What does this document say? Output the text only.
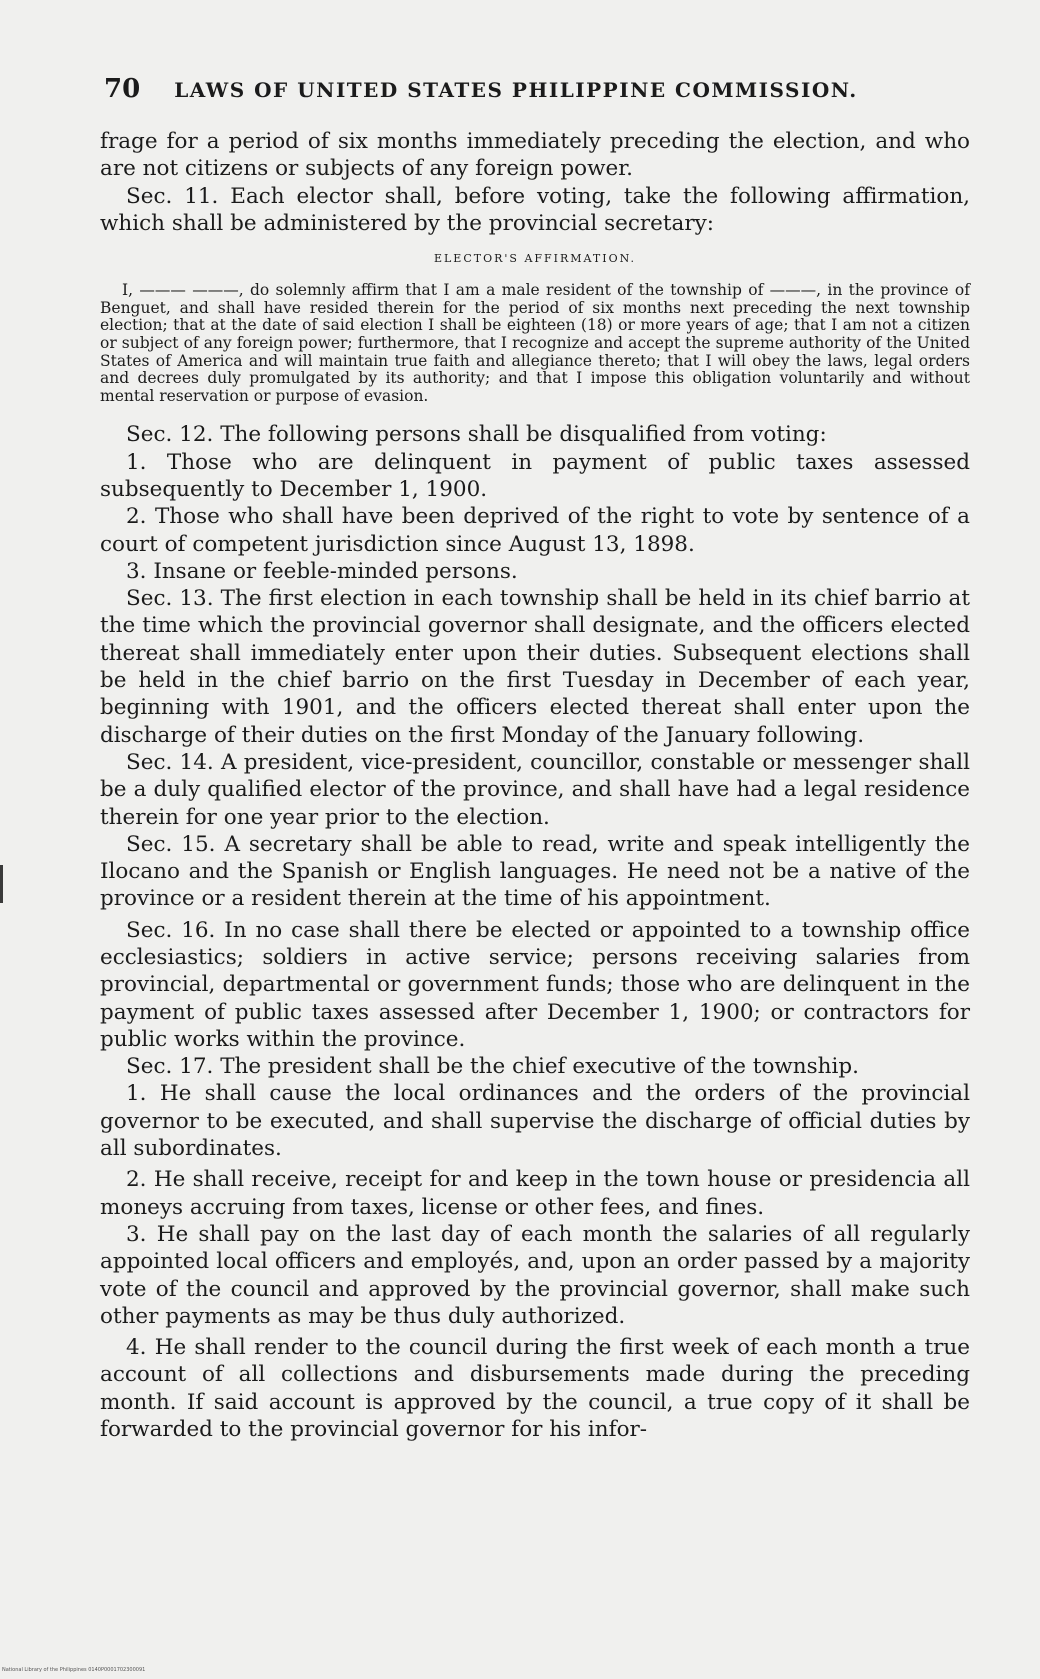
70 LAWS OF UNITED STATES PHILIPPINE COMMISSION.

frage for a period of six months immediately preceding the election, and who are not citizens or subjects of any foreign power.

Sec. 11. Each elector shall, before voting, take the following affirmation, which shall be administered by the provincial secretary:

ELECTOR'S AFFIRMATION.

I, ——— ———, do solemnly affirm that I am a male resident of the township of ———, in the province of Benguet, and shall have resided therein for the period of six months next preceding the next township election; that at the date of said election I shall be eighteen (18) or more years of age; that I am not a citizen or subject of any foreign power; furthermore, that I recognize and accept the supreme authority of the United States of America and will maintain true faith and allegiance thereto; that I will obey the laws, legal orders and decrees duly promulgated by its authority; and that I impose this obligation voluntarily and without mental reservation or purpose of evasion.

Sec. 12. The following persons shall be disqualified from voting:

1. Those who are delinquent in payment of public taxes assessed subsequently to December 1, 1900.

2. Those who shall have been deprived of the right to vote by sentence of a court of competent jurisdiction since August 13, 1898.

3. Insane or feeble-minded persons.

Sec. 13. The first election in each township shall be held in its chief barrio at the time which the provincial governor shall designate, and the officers elected thereat shall immediately enter upon their duties. Subsequent elections shall be held in the chief barrio on the first Tuesday in December of each year, beginning with 1901, and the officers elected thereat shall enter upon the discharge of their duties on the first Monday of the January following.

Sec. 14. A president, vice-president, councillor, constable or messenger shall be a duly qualified elector of the province, and shall have had a legal residence therein for one year prior to the election.

Sec. 15. A secretary shall be able to read, write and speak intelligently the Ilocano and the Spanish or English languages. He need not be a native of the province or a resident therein at the time of his appointment.

Sec. 16. In no case shall there be elected or appointed to a township office ecclesiastics; soldiers in active service; persons receiving salaries from provincial, departmental or government funds; those who are delinquent in the payment of public taxes assessed after December 1, 1900; or contractors for public works within the province.

Sec. 17. The president shall be the chief executive of the township.

1. He shall cause the local ordinances and the orders of the provincial governor to be executed, and shall supervise the discharge of official duties by all subordinates.

2. He shall receive, receipt for and keep in the town house or presidencia all moneys accruing from taxes, license or other fees, and fines.

3. He shall pay on the last day of each month the salaries of all regularly appointed local officers and employés, and, upon an order passed by a majority vote of the council and approved by the provincial governor, shall make such other payments as may be thus duly authorized.

4. He shall render to the council during the first week of each month a true account of all collections and disbursements made during the preceding month. If said account is approved by the council, a true copy of it shall be forwarded to the provincial governor for his infor-

National Library of the Philippines 0140P0001702300091
